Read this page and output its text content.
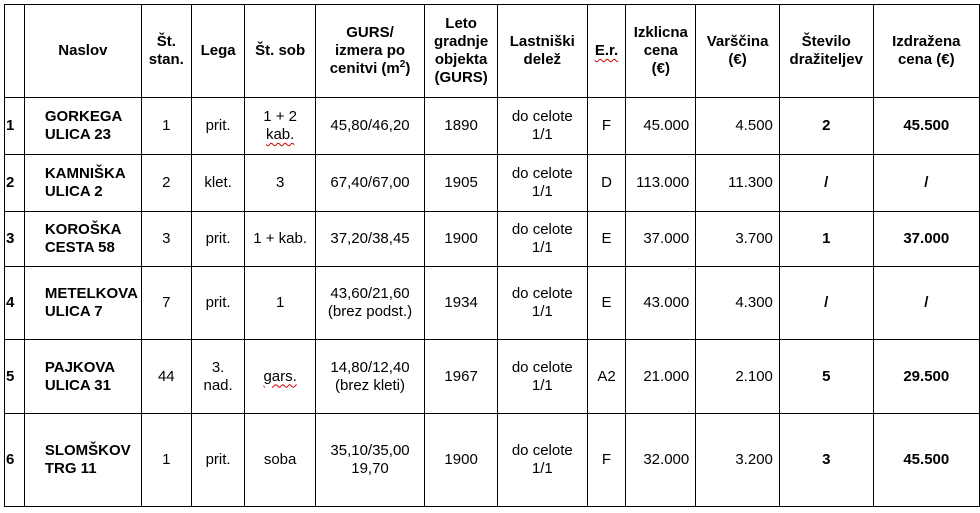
	Naslov	Št.
stan.	Lega	Št. sob	GURS/
izmera po
cenitvi $(m^2)$	Leto
gradnje
objekta
(GURS)	Lastniški
delež	E.r.	Izklicna
cena
(€)	Varščina
(€)	Število
dražiteljev	Izdražena
cena (€)

1	GORKEGA
ULICA 23	1	prit.	1 + 2
kab.	45,80/46,20	1890	do celote
1/1	F	45.000	4.500	2	45.500
2	KAMNIŠKA
ULICA 2	2	klet.	3	67,40/67,00	1905	do celote
1/1	D	113.000	11.300	/	/
3	KOROŠKA
CESTA 58	3	prit.	1 + kab.	37,20/38,45	1900	do celote
1/1	E	37.000	3.700	1	37.000
4	METELKOVA
ULICA 7	7	prit.	1	43,60/21,60
(brez podst.)	1934	do celote
1/1	E	43.000	4.300	/	/
5	PAJKOVA
ULICA 31	44	3.
nad.	gars.	14,80/12,40
(brez kleti)	1967	do celote
1/1	A2	21.000	2.100	5	29.500
6	SLOMŠKOV
TRG 11	1	prit.	soba	35,10/35,00
19,70	1900	do celote
1/1	F	32.000	3.200	3	45.500
